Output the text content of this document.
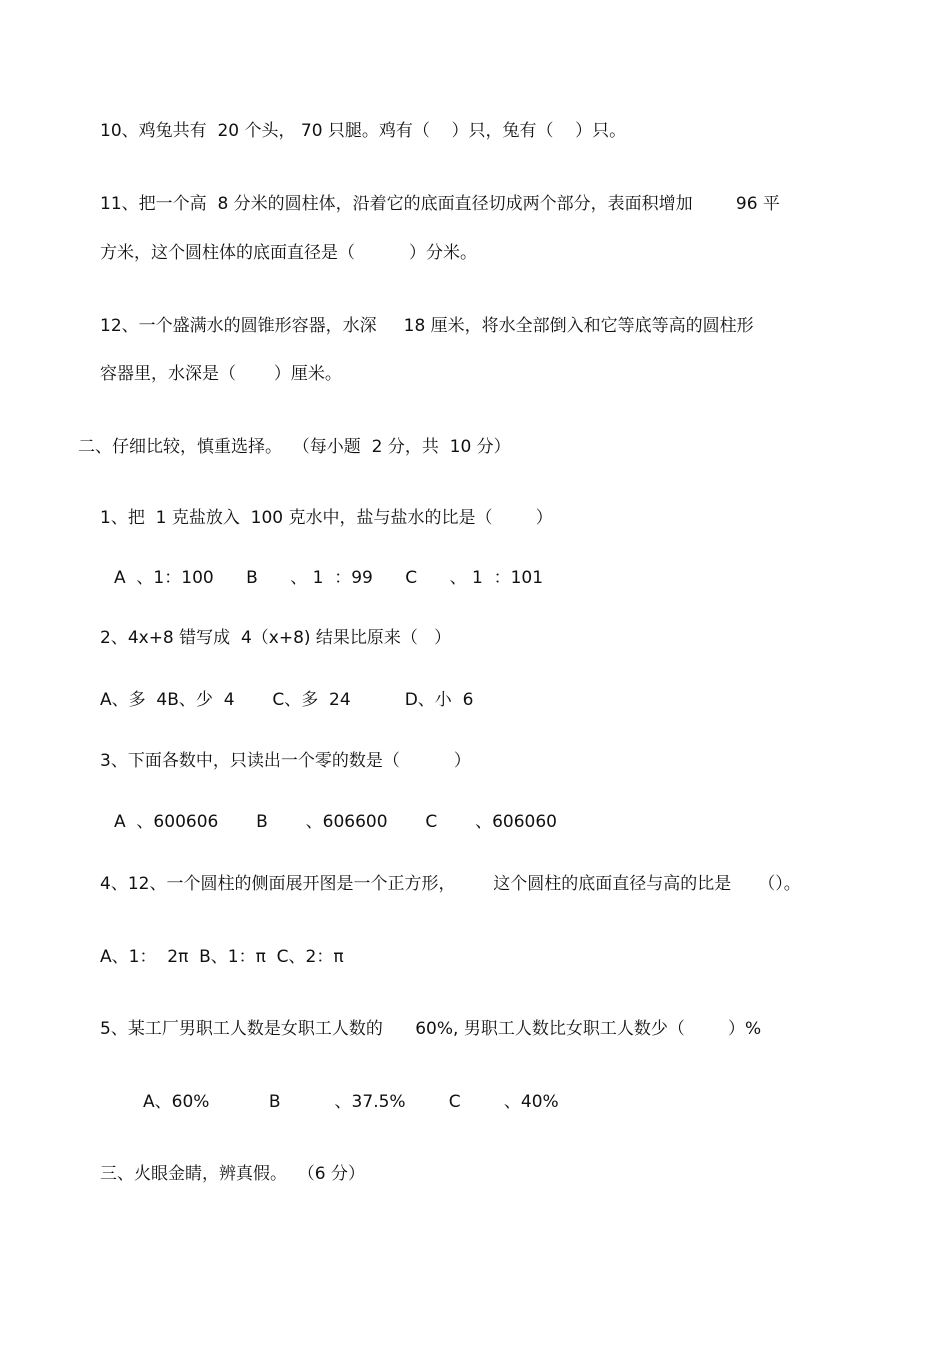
10、鸡兔共有  20 个头， 70 只腿。鸡有（    ）只，兔有（    ）只。
11、把一个高  8 分米的圆柱体，沿着它的底面直径切成两个部分，表面积增加        96 平
方米，这个圆柱体的底面直径是（          ）分米。
12、一个盛满水的圆锥形容器，水深     18 厘米，将水全部倒入和它等底等高的圆柱形
容器里，水深是（       ）厘米。
二、仔细比较，慎重选择。  （每小题  2 分，共  10 分）
1、把  1 克盐放入  100 克水中，盐与盐水的比是（        ）
A  、1：100      B      、 1  ：99      C      、 1  ：101
2、4x+8 错写成  4（x+8) 结果比原来（   ）
A、多  4B、少  4       C、多  24          D、小  6
3、下面各数中，只读出一个零的数是（          ）
A  、600606       B       、606600       C       、606060
4、12、一个圆柱的侧面展开图是一个正方形，       这个圆柱的底面直径与高的比是     （）。
A、1：  2π  B、1：π  C、2：π
5、某工厂男职工人数是女职工人数的      60%, 男职工人数比女职工人数少（        ）%
A、60%           B          、37.5%        C        、40%
三、火眼金睛，辨真假。  （6 分）
